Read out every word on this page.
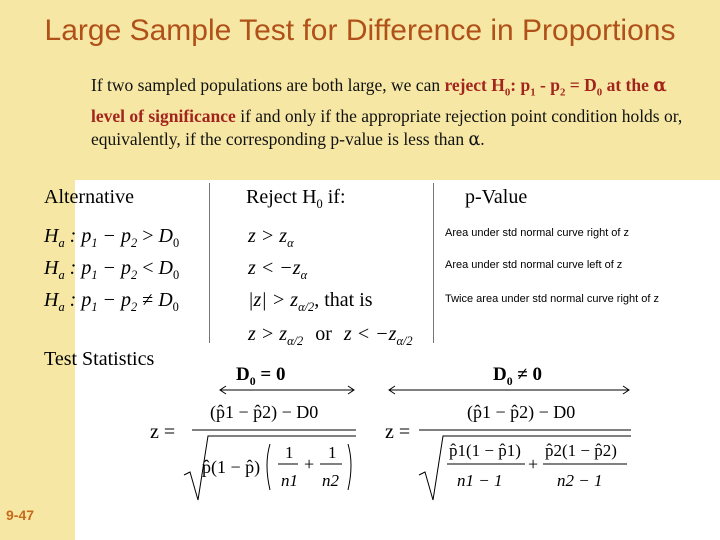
Large Sample Test for Difference in Proportions
If two sampled populations are both large, we can reject $H_0$: $p_1 - p_2 = D_0$ at the α level of significance if and only if the appropriate rejection point condition holds or, equivalently, if the corresponding p-value is less than α.
Alternative	Reject $H_0$ if:	p-Value
$H_a$ : $p_1 - p_2 > D_0$
$H_a$ : $p_1 - p_2 < D_0$
$H_a$ : $p_1 - p_2 \ne D_0$
$z > z_\alpha$
$z < -z_\alpha$
$|z| > z_{\alpha/2}$, that is
$z > z_{\alpha/2}$ or $z < -z_{\alpha/2}$
Area under std normal curve right of z
Area under std normal curve left of z
Twice area under std normal curve right of z
Test Statistics
$D_0 = 0$
z =
(p̂1 − p̂2) − D0
p̂(1 − p̂)
1
n1
+
1
n2
$D_0 \ne 0$
z =
(p̂1 − p̂2) − D0
p̂1(1 − p̂1)
n1 − 1
+
p̂2(1 − p̂2)
n2 − 1
9-47
